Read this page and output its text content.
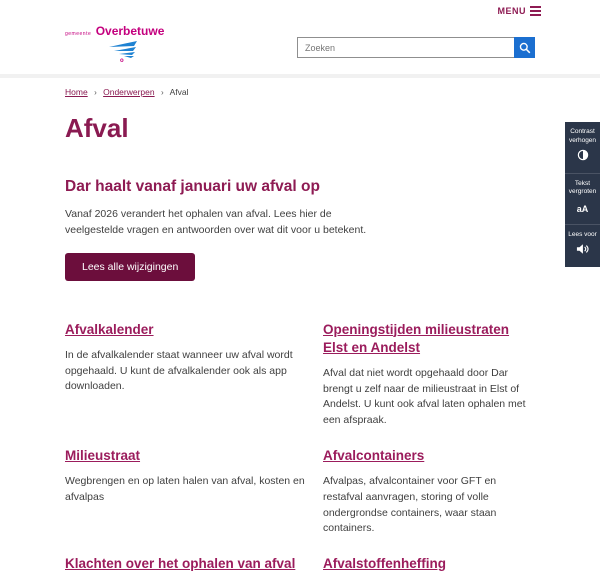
MENU
gemeente Overbetuwe
o
Zoeken
Contrast verhogen
Tekst vergroten
aA
Lees voor
Home › Onderwerpen › Afval
Afval
Dar haalt vanaf januari uw afval op

Vanaf 2026 verandert het ophalen van afval. Lees hier de veelgestelde vragen en antwoorden over wat dit voor u betekent.

Lees alle wijzigingen
Afvalkalender

In de afvalkalender staat wanneer uw afval wordt opgehaald. U kunt de afvalkalender ook als app downloaden.

Openingstijden milieustraten Elst en Andelst

Afval dat niet wordt opgehaald door Dar brengt u zelf naar de milieustraat in Elst of Andelst. U kunt ook afval laten ophalen met een afspraak.

Milieustraat

Wegbrengen en op laten halen van afval, kosten en afvalpas

Afvalcontainers

Afvalpas, afvalcontainer voor GFT en restafval aanvragen, storing of volle ondergrondse containers, waar staan containers.

Klachten over het ophalen van afval	Afvalstoffenheffing
